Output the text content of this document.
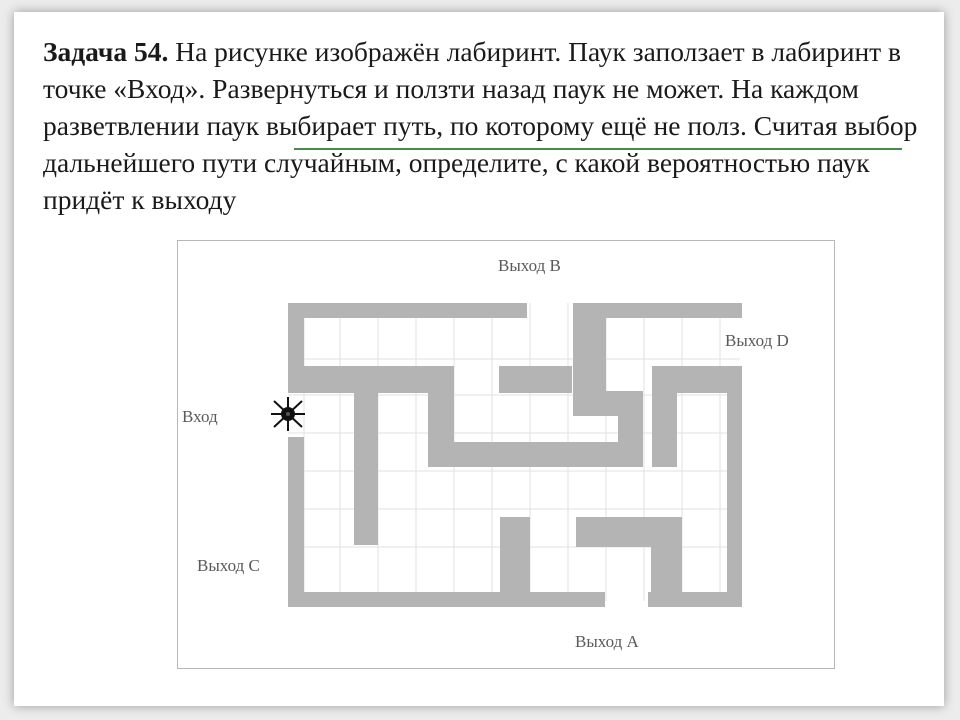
Задача 54. На рисунке изображён лабиринт. Паук заползает в лабиринт в точке «Вход». Развернуться и ползти назад паук не может. На каждом разветвлении паук выбирает путь, по которому ещё не полз. Считая выбор дальнейшего пути случайным, определите, с какой вероятностью паук придёт к выходу

Вход
Выход B
Выход D
Выход C
Выход A
